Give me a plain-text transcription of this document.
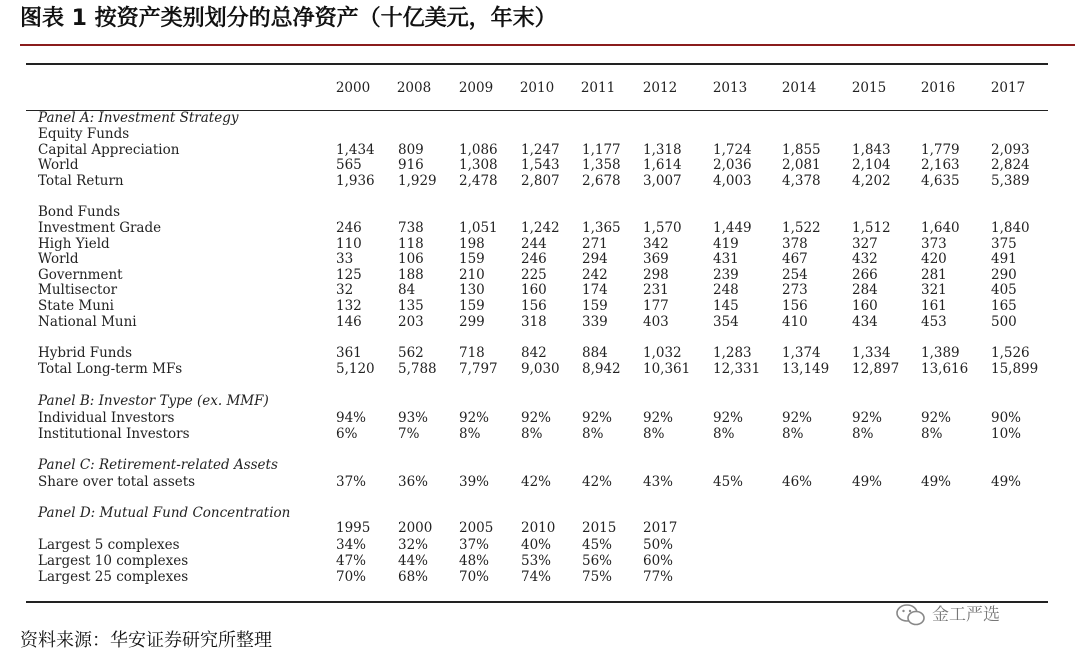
图表 1 按资产类别划分的总净资产（十亿美元，年末）
2000	2008	2009	2010	2011	2012	2013	2014	2015	2016	2017
Panel A: Investment Strategy
Equity Funds
Bond Funds
Panel B: Investor Type (ex. MMF)
Panel C: Retirement-related Assets
Panel D: Mutual Fund Concentration
Capital Appreciation	1,434 809	1,086 1,247 1,177 1,318 1,724 1,855 1,843 1,779 2,093
World	565	916	1,308 1,543 1,358 1,614 2,036 2,081 2,104 2,163 2,824
Total Return	1,936 1,929 2,478 2,807 2,678 3,007 4,003 4,378 4,202 4,635 5,389
Investment Grade	246	738	1,051 1,242 1,365 1,570 1,449 1,522 1,512 1,640 1,840
High Yield	110	118	198	244	271	342	419	378	327	373	375
World	33	106	159	246	294	369	431	467	432	420	491
Government	125	188	210	225	242	298	239	254	266	281	290
Multisector	32	84	130	160	174	231	248	273	284	321	405
State Muni	132	135	159	156	159	177	145	156	160	161	165
National Muni	146	203	299	318	339	403	354	410	434	453	500
Hybrid Funds	361	562	718	842	884	1,032 1,283 1,374 1,334 1,389 1,526
Total Long-term MFs	5,120 5,788 7,797 9,030 8,942 10,361 12,331 13,149 12,897 13,616 15,899
Individual Investors	94% 93% 92% 92% 92% 92%	92%	92%	92%	92%	90%
Institutional Investors	6%	7%	8%	8%	8%	8%	8%	8%	8%	8%	10%
Share over total assets	37% 36% 39% 42% 42% 43%	45%	46%	49%	49%	49%
1995 2000 2005 2010 2015 2017
Largest 5 complexes	34% 32% 37% 40% 45% 50%
Largest 10 complexes	47% 44% 48% 53% 56% 60%
Largest 25 complexes	70% 68% 70% 74% 75% 77%
资料来源：华安证券研究所整理
金工严选
